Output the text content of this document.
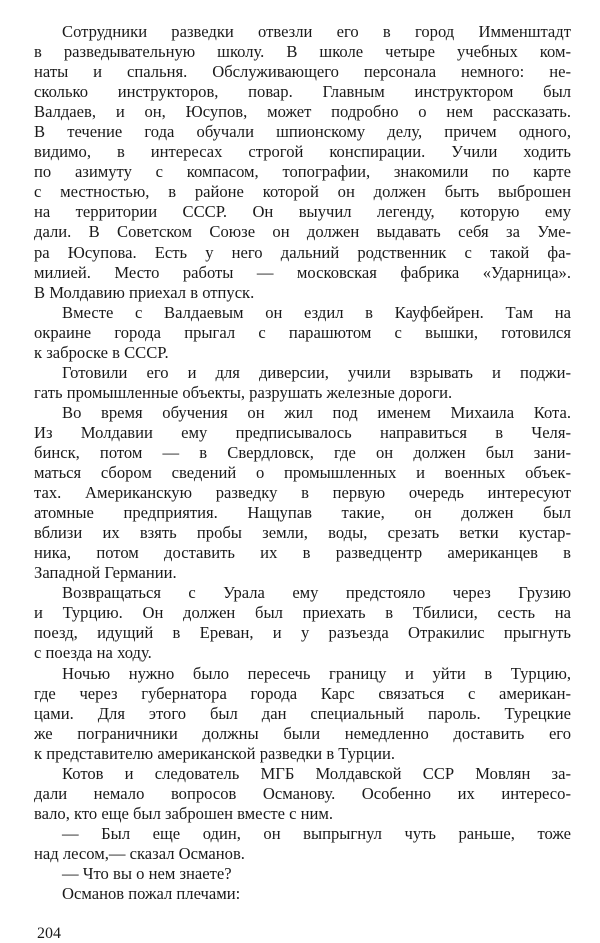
Сотрудники разведки отвезли его в город Имменштадт
в разведывательную школу. В школе четыре учебных ком-
наты и спальня. Обслуживающего персонала немного: не-
сколько инструкторов, повар. Главным инструктором был
Валдаев, и он, Юсупов, может подробно о нем рассказать.
В течение года обучали шпионскому делу, причем одного,
видимо, в интересах строгой конспирации. Учили ходить
по азимуту с компасом, топографии, знакомили по карте
с местностью, в районе которой он должен быть выброшен
на территории СССР. Он выучил легенду, которую ему
дали. В Советском Союзе он должен выдавать себя за Уме-
ра Юсупова. Есть у него дальний родственник с такой фа-
милией. Место работы — московская фабрика «Ударница».
В Молдавию приехал в отпуск.
Вместе с Валдаевым он ездил в Кауфбейрен. Там на
окраине города прыгал с парашютом с вышки, готовился
к заброске в СССР.
Готовили его и для диверсии, учили взрывать и поджи-
гать промышленные объекты, разрушать железные дороги.
Во время обучения он жил под именем Михаила Кота.
Из Молдавии ему предписывалось направиться в Челя-
бинск, потом — в Свердловск, где он должен был зани-
маться сбором сведений о промышленных и военных объек-
тах. Американскую разведку в первую очередь интересуют
атомные предприятия. Нащупав такие, он должен был
вблизи их взять пробы земли, воды, срезать ветки кустар-
ника, потом доставить их в разведцентр американцев в
Западной Германии.
Возвращаться с Урала ему предстояло через Грузию
и Турцию. Он должен был приехать в Тбилиси, сесть на
поезд, идущий в Ереван, и у разъезда Отракилис прыгнуть
с поезда на ходу.
Ночью нужно было пересечь границу и уйти в Турцию,
где через губернатора города Карс связаться с американ-
цами. Для этого был дан специальный пароль. Турецкие
же пограничники должны были немедленно доставить его
к представителю американской разведки в Турции.
Котов и следователь МГБ Молдавской ССР Мовлян за-
дали немало вопросов Османову. Особенно их интересо-
вало, кто еще был заброшен вместе с ним.
— Был еще один, он выпрыгнул чуть раньше, тоже
над лесом,— сказал Османов.
— Что вы о нем знаете?
Османов пожал плечами:
204
